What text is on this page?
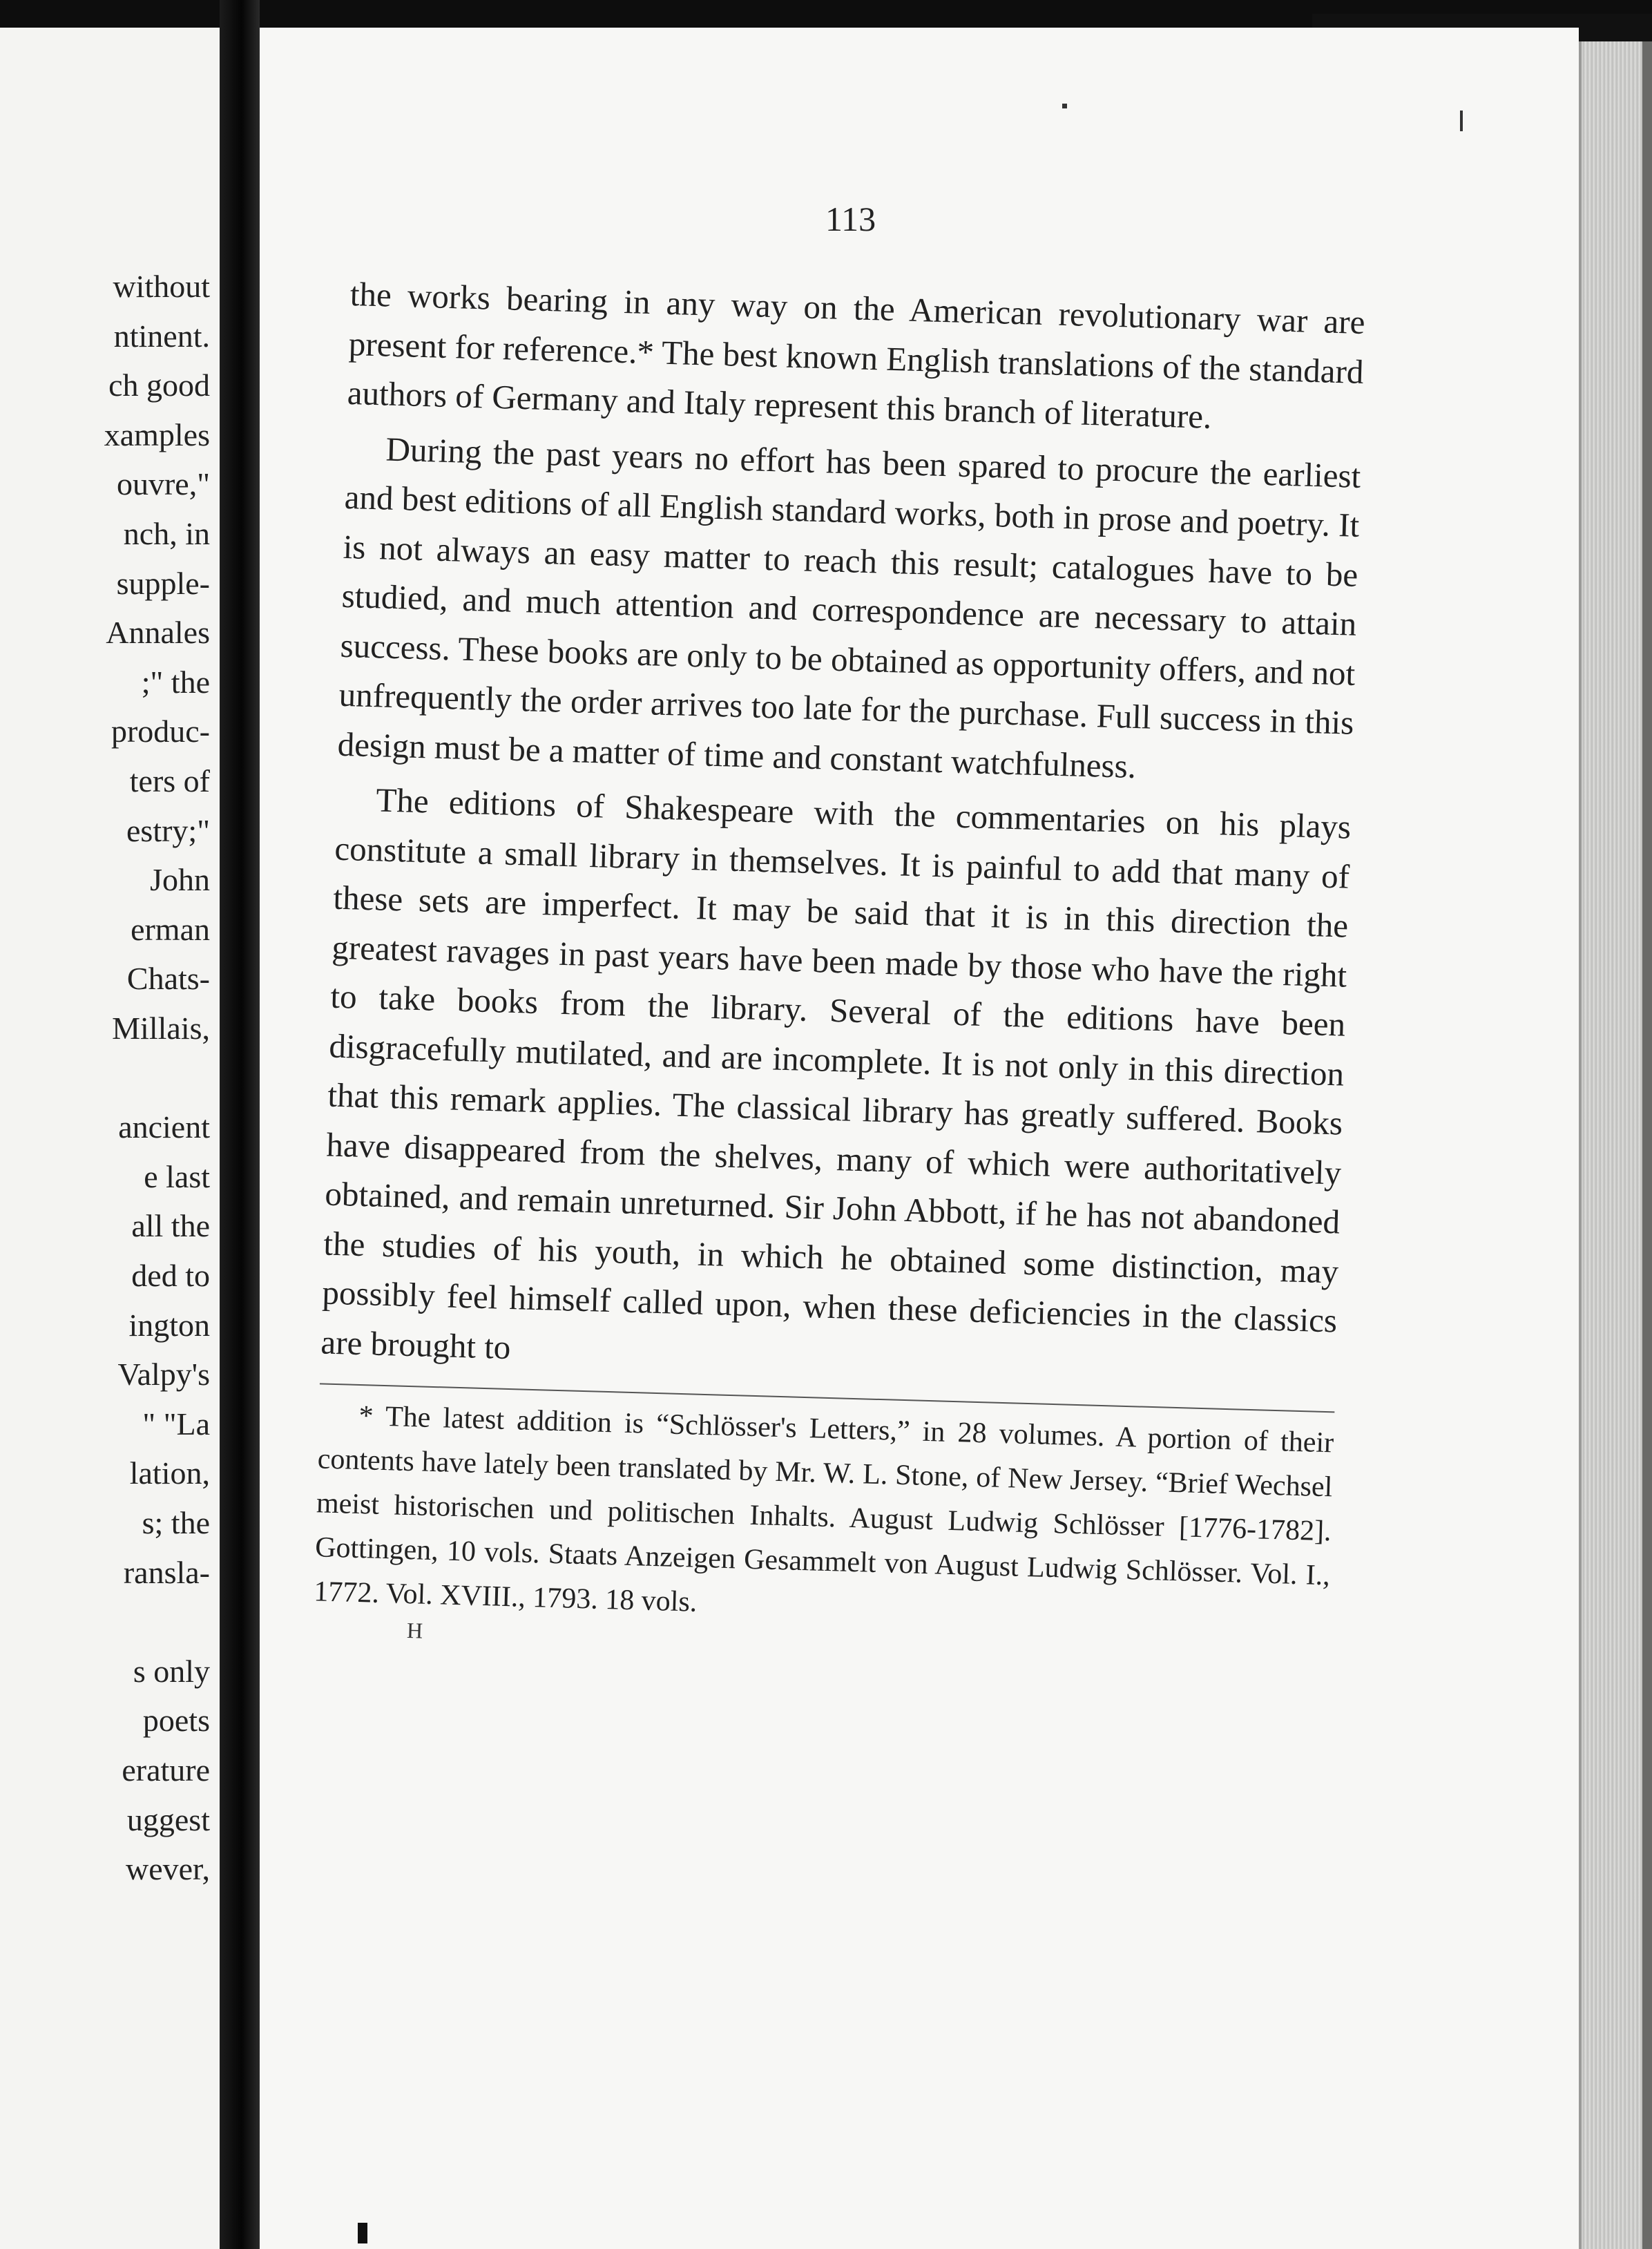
without
ntinent.
ch good
xamples
ouvre,"
nch, in
supple-
Annales
;" the
produc-
ters of
estry;"
John
erman
Chats-
Millais,
ancient
e last
all the
ded to
ington
Valpy's
" "La
lation,
s; the
ransla-
s only
poets
erature
uggest
wever,
113

the works bearing in any way on the American revolutionary war are present for reference.* The best known English translations of the standard authors of Germany and Italy represent this branch of literature.

During the past years no effort has been spared to procure the earliest and best editions of all English standard works, both in prose and poetry. It is not always an easy matter to reach this result; catalogues have to be studied, and much attention and correspondence are necessary to attain success. These books are only to be obtained as opportunity offers, and not unfrequently the order arrives too late for the purchase. Full success in this design must be a matter of time and constant watchfulness.

The editions of Shakespeare with the commentaries on his plays constitute a small library in themselves. It is painful to add that many of these sets are imperfect. It may be said that it is in this direction the greatest ravages in past years have been made by those who have the right to take books from the library. Several of the editions have been disgracefully mutilated, and are incomplete. It is not only in this direction that this remark applies. The classical library has greatly suffered. Books have disappeared from the shelves, many of which were authoritatively obtained, and remain unreturned. Sir John Abbott, if he has not abandoned the studies of his youth, in which he obtained some distinction, may possibly feel himself called upon, when these deficiencies in the classics are brought to

* The latest addition is “Schlösser's Letters,” in 28 volumes. A portion of their contents have lately been translated by Mr. W. L. Stone, of New Jersey. “Brief Wechsel meist historischen und politischen Inhalts. August Ludwig Schlösser [1776-1782]. Gottingen, 10 vols. Staats Anzeigen Gesammelt von August Ludwig Schlösser. Vol. I., 1772. Vol. XVIII., 1793. 18 vols.

H
